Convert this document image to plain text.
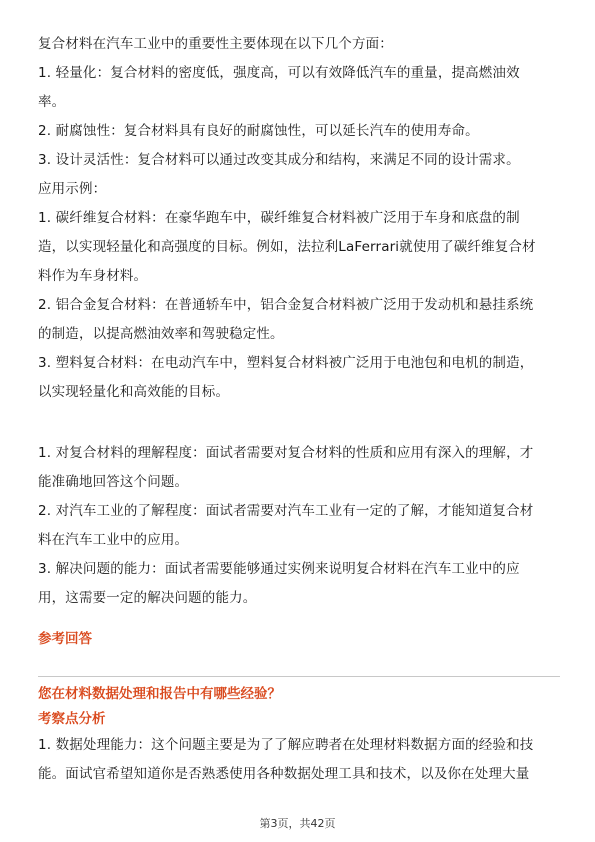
复合材料在汽车工业中的重要性主要体现在以下几个方面：
1. 轻量化：复合材料的密度低，强度高，可以有效降低汽车的重量，提高燃油效
率。
2. 耐腐蚀性：复合材料具有良好的耐腐蚀性，可以延长汽车的使用寿命。
3. 设计灵活性：复合材料可以通过改变其成分和结构，来满足不同的设计需求。
应用示例：
1. 碳纤维复合材料：在豪华跑车中，碳纤维复合材料被广泛用于车身和底盘的制
造，以实现轻量化和高强度的目标。例如，法拉利LaFerrari就使用了碳纤维复合材
料作为车身材料。
2. 铝合金复合材料：在普通轿车中，铝合金复合材料被广泛用于发动机和悬挂系统
的制造，以提高燃油效率和驾驶稳定性。
3. 塑料复合材料：在电动汽车中，塑料复合材料被广泛用于电池包和电机的制造，
以实现轻量化和高效能的目标。
1. 对复合材料的理解程度：面试者需要对复合材料的性质和应用有深入的理解，才
能准确地回答这个问题。
2. 对汽车工业的了解程度：面试者需要对汽车工业有一定的了解，才能知道复合材
料在汽车工业中的应用。
3. 解决问题的能力：面试者需要能够通过实例来说明复合材料在汽车工业中的应
用，这需要一定的解决问题的能力。
参考回答
您在材料数据处理和报告中有哪些经验？
考察点分析
1. 数据处理能力：这个问题主要是为了了解应聘者在处理材料数据方面的经验和技
能。面试官希望知道你是否熟悉使用各种数据处理工具和技术，以及你在处理大量
第3页，共42页
